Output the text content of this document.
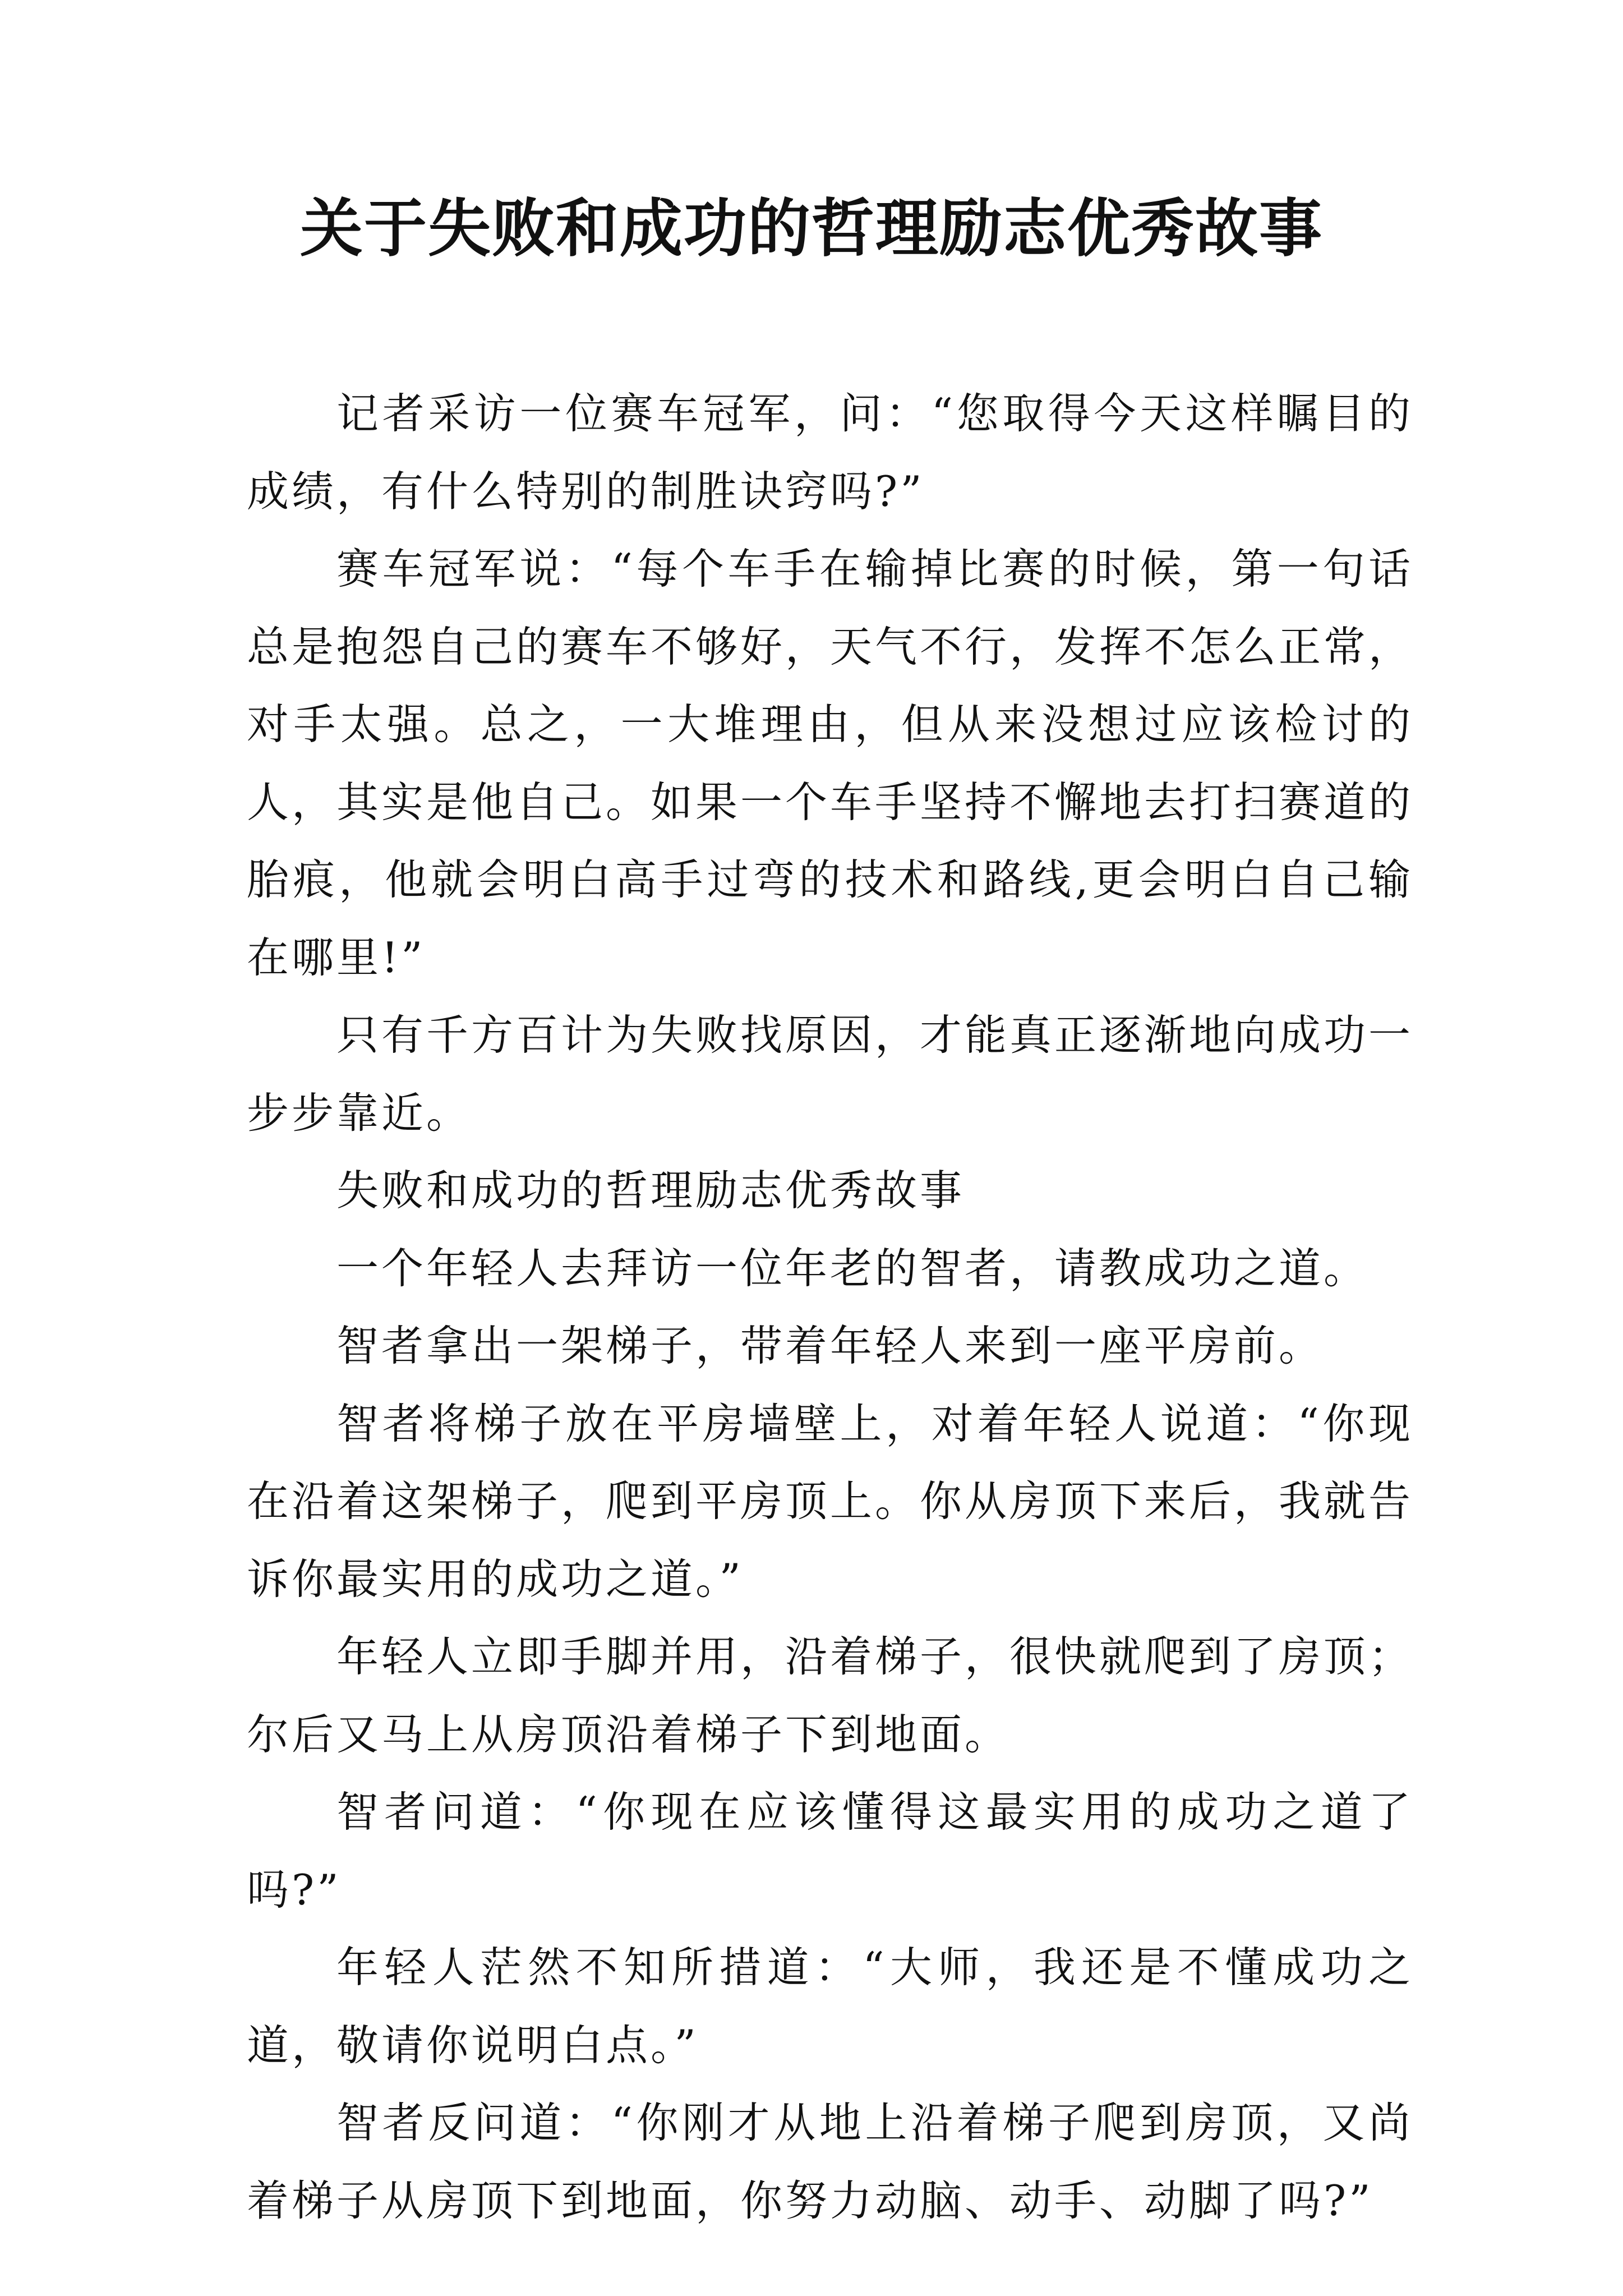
关于失败和成功的哲理励志优秀故事

记者采访一位赛车冠军，问：“您取得今天这样瞩目的成绩，有什么特别的制胜诀窍吗?”

赛车冠军说：“每个车手在输掉比赛的时候，第一句话总是抱怨自己的赛车不够好，天气不行，发挥不怎么正常，对手太强。总之，一大堆理由，但从来没想过应该检讨的人，其实是他自己。如果一个车手坚持不懈地去打扫赛道的胎痕，他就会明白高手过弯的技术和路线,更会明白自己输在哪里!”

只有千方百计为失败找原因，才能真正逐渐地向成功一步步靠近。

失败和成功的哲理励志优秀故事

一个年轻人去拜访一位年老的智者，请教成功之道。

智者拿出一架梯子，带着年轻人来到一座平房前。

智者将梯子放在平房墙壁上，对着年轻人说道：“你现在沿着这架梯子，爬到平房顶上。你从房顶下来后，我就告诉你最实用的成功之道。”

年轻人立即手脚并用，沿着梯子，很快就爬到了房顶；尔后又马上从房顶沿着梯子下到地面。

智者问道：“你现在应该懂得这最实用的成功之道了吗?”

年轻人茫然不知所措道：“大师，我还是不懂成功之道，敬请你说明白点。”

智者反问道：“你刚才从地上沿着梯子爬到房顶，又尚着梯子从房顶下到地面，你努力动脑、动手、动脚了吗?”
